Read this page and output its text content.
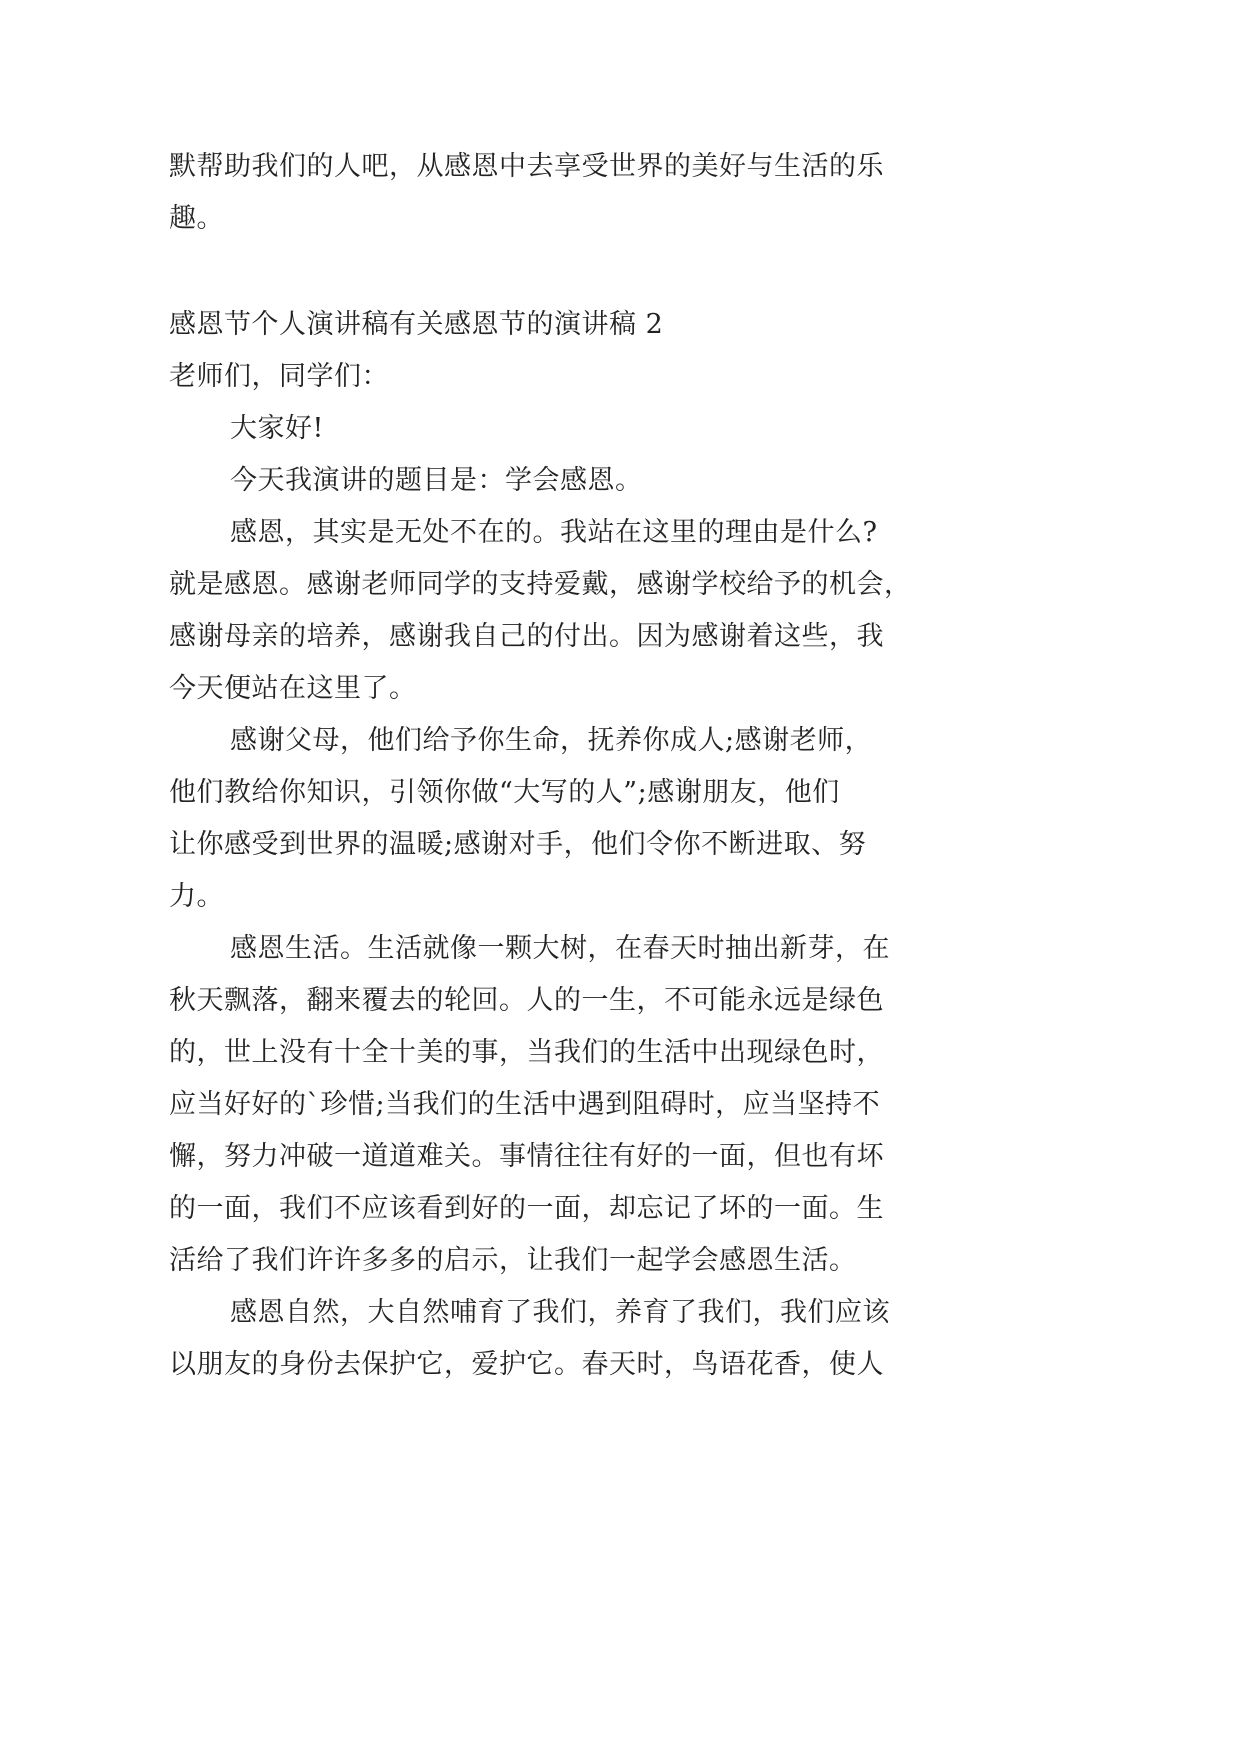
默帮助我们的人吧，从感恩中去享受世界的美好与生活的乐
趣。
感恩节个人演讲稿有关感恩节的演讲稿 2
老师们，同学们：
大家好!
今天我演讲的题目是：学会感恩。
感恩，其实是无处不在的。我站在这里的理由是什么?
就是感恩。感谢老师同学的支持爱戴，感谢学校给予的机会，
感谢母亲的培养，感谢我自己的付出。因为感谢着这些，我
今天便站在这里了。
感谢父母，他们给予你生命，抚养你成人;感谢老师，
他们教给你知识，引领你做“大写的人”;感谢朋友，他们
让你感受到世界的温暖;感谢对手，他们令你不断进取、努
力。
感恩生活。生活就像一颗大树，在春天时抽出新芽，在
秋天飘落，翻来覆去的轮回。人的一生，不可能永远是绿色
的，世上没有十全十美的事，当我们的生活中出现绿色时，
应当好好的`珍惜;当我们的生活中遇到阻碍时，应当坚持不
懈，努力冲破一道道难关。事情往往有好的一面，但也有坏
的一面，我们不应该看到好的一面，却忘记了坏的一面。生
活给了我们许许多多的启示，让我们一起学会感恩生活。
感恩自然，大自然哺育了我们，养育了我们，我们应该
以朋友的身份去保护它，爱护它。春天时，鸟语花香，使人
